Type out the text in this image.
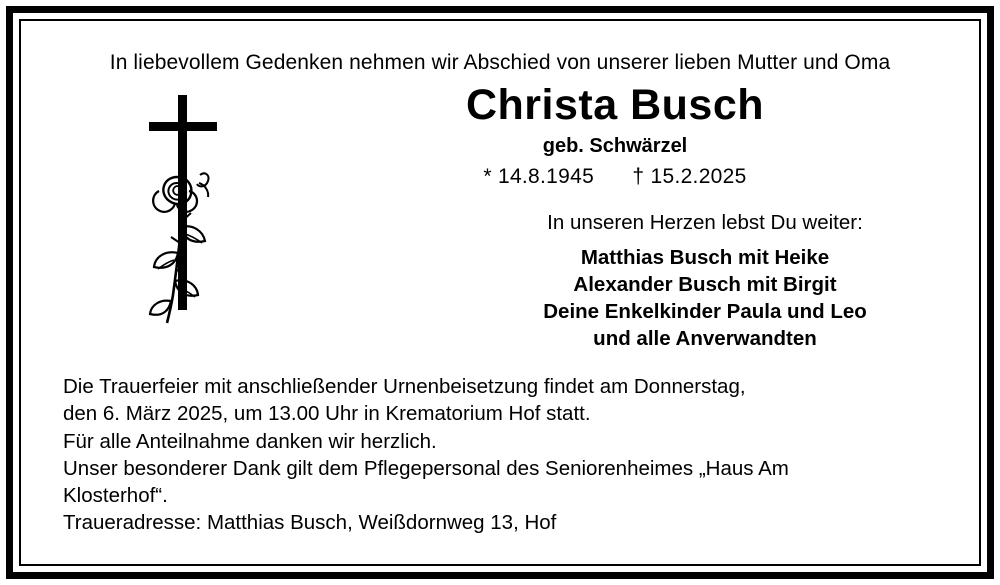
In liebevollem Gedenken nehmen wir Abschied von unserer lieben Mutter und Oma
Christa Busch
geb. Schwärzel
* 14.8.1945 † 15.2.2025
In unseren Herzen lebst Du weiter:
Matthias Busch mit Heike
Alexander Busch mit Birgit
Deine Enkelkinder Paula und Leo
und alle Anverwandten
Die Trauerfeier mit anschließender Urnenbeisetzung findet am Donnerstag,
den 6. März 2025, um 13.00 Uhr in Krematorium Hof statt.
Für alle Anteilnahme danken wir herzlich.
Unser besonderer Dank gilt dem Pflegepersonal des Seniorenheimes „Haus Am
Klosterhof“.
Traueradresse: Matthias Busch, Weißdornweg 13, Hof
